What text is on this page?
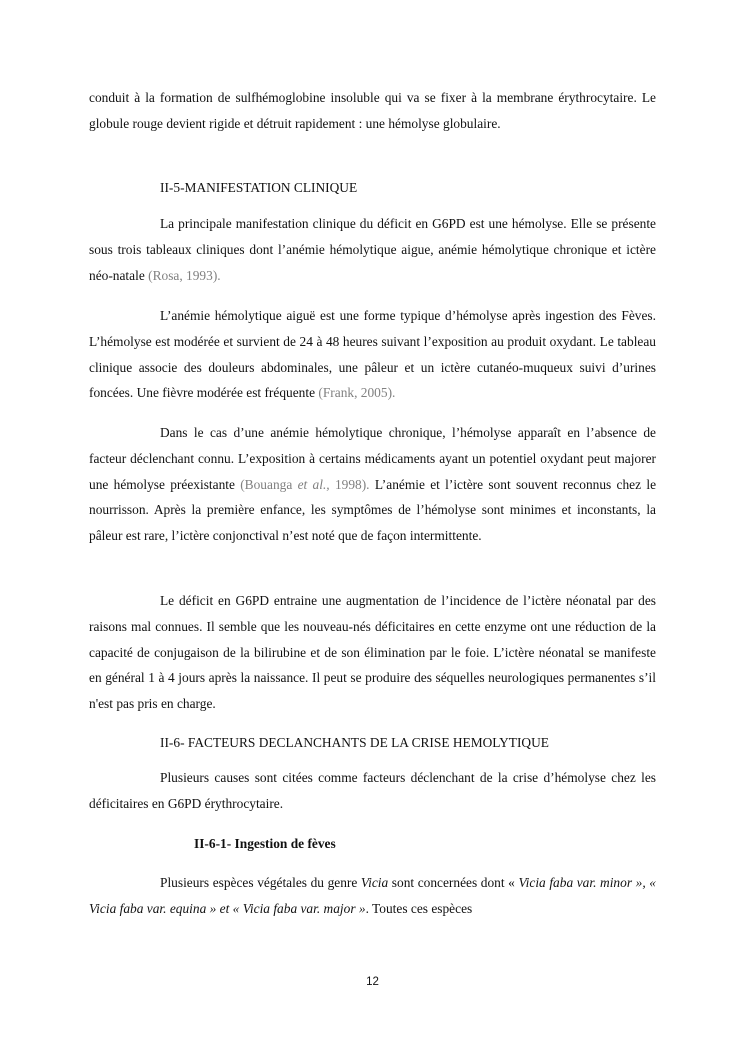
conduit à la formation de sulfhémoglobine insoluble qui va se fixer à la membrane érythrocytaire. Le globule rouge devient rigide et détruit rapidement : une hémolyse globulaire.

II-5-MANIFESTATION CLINIQUE

La principale manifestation clinique du déficit en G6PD est une hémolyse. Elle se présente sous trois tableaux cliniques dont l’anémie hémolytique aigue, anémie hémolytique chronique et ictère néo-natale (Rosa, 1993).

L’anémie hémolytique aiguë est une forme typique d’hémolyse après ingestion des Fèves. L’hémolyse est modérée et survient de 24 à 48 heures suivant l’exposition au produit oxydant. Le tableau clinique associe des douleurs abdominales, une pâleur et un ictère cutanéo-muqueux suivi d’urines foncées. Une fièvre modérée est fréquente (Frank, 2005).

Dans le cas d’une anémie hémolytique chronique, l’hémolyse apparaît en l’absence de facteur déclenchant connu. L’exposition à certains médicaments ayant un potentiel oxydant peut majorer une hémolyse préexistante (Bouanga et al., 1998). L’anémie et l’ictère sont souvent reconnus chez le nourrisson. Après la première enfance, les symptômes de l’hémolyse sont minimes et inconstants, la pâleur est rare, l’ictère conjonctival n’est noté que de façon intermittente.

Le déficit en G6PD entraine une augmentation de l’incidence de l’ictère néonatal par des raisons mal connues. Il semble que les nouveau-nés déficitaires en cette enzyme ont une réduction de la capacité de conjugaison de la bilirubine et de son élimination par le foie. L’ictère néonatal se manifeste en général 1 à 4 jours après la naissance. Il peut se produire des séquelles neurologiques permanentes s’il n'est pas pris en charge.

II-6- FACTEURS DECLANCHANTS DE LA CRISE HEMOLYTIQUE

Plusieurs causes sont citées comme facteurs déclenchant de la crise d’hémolyse chez les déficitaires en G6PD érythrocytaire.

II-6-1- Ingestion de fèves

Plusieurs espèces végétales du genre Vicia sont concernées dont « Vicia faba var. minor », « Vicia faba var. equina » et « Vicia faba var. major ». Toutes ces espèces

12
